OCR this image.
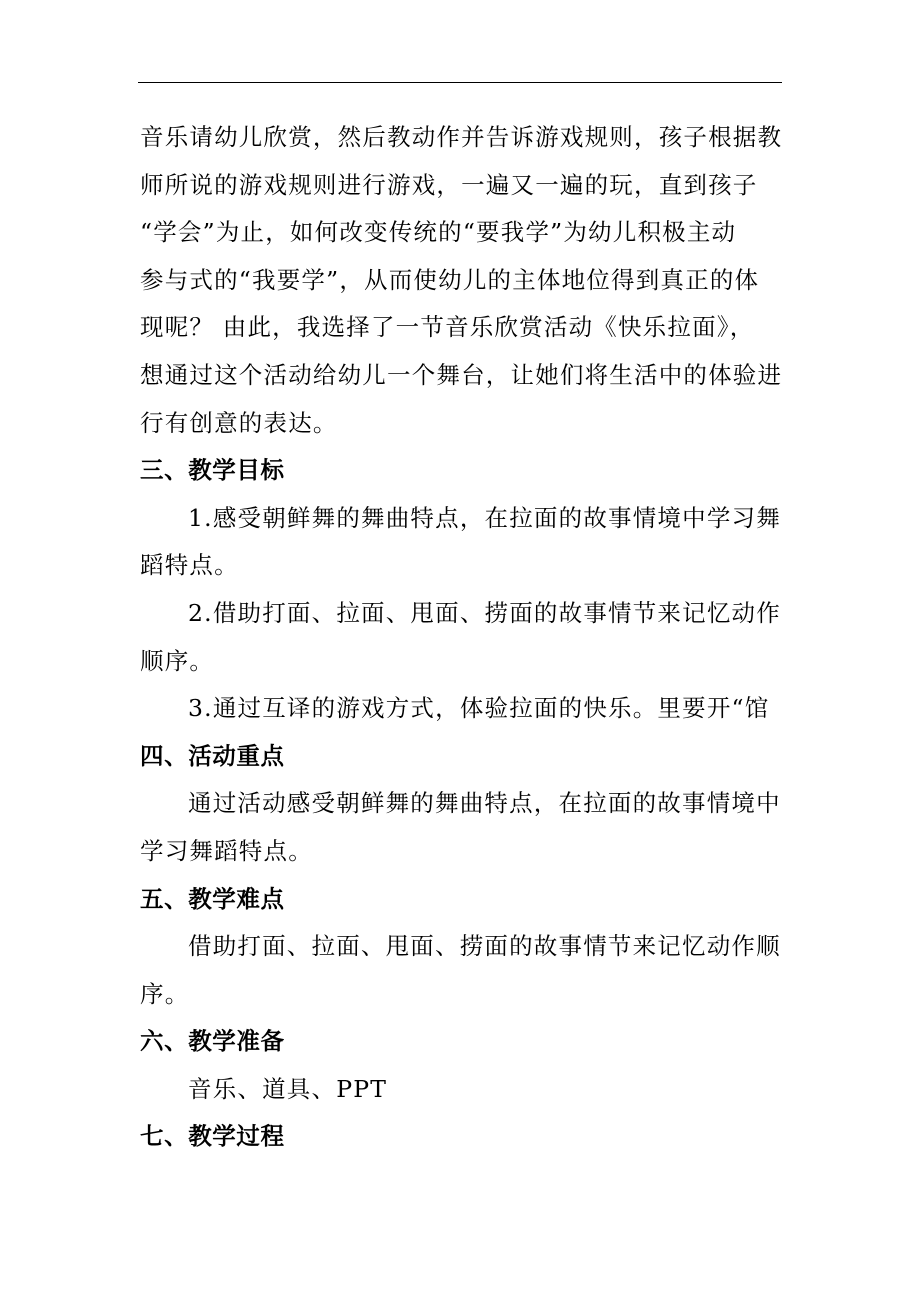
音乐请幼儿欣赏，然后教动作并告诉游戏规则，孩子根据教
师所说的游戏规则进行游戏，一遍又一遍的玩，直到孩子
“学会”为止，如何改变传统的“要我学”为幼儿积极主动
参与式的“我要学”，从而使幼儿的主体地位得到真正的体
现呢？ 由此，我选择了一节音乐欣赏活动《快乐拉面》，
想通过这个活动给幼儿一个舞台，让她们将生活中的体验进
行有创意的表达。
三、教学目标
1.感受朝鲜舞的舞曲特点，在拉面的故事情境中学习舞
蹈特点。
2.借助打面、拉面、甩面、捞面的故事情节来记忆动作
顺序。
3.通过互译的游戏方式，体验拉面的快乐。里要开“馆
四、活动重点
通过活动感受朝鲜舞的舞曲特点，在拉面的故事情境中
学习舞蹈特点。
五、教学难点
借助打面、拉面、甩面、捞面的故事情节来记忆动作顺
序。
六、教学准备
音乐、道具、PPT
七、教学过程
